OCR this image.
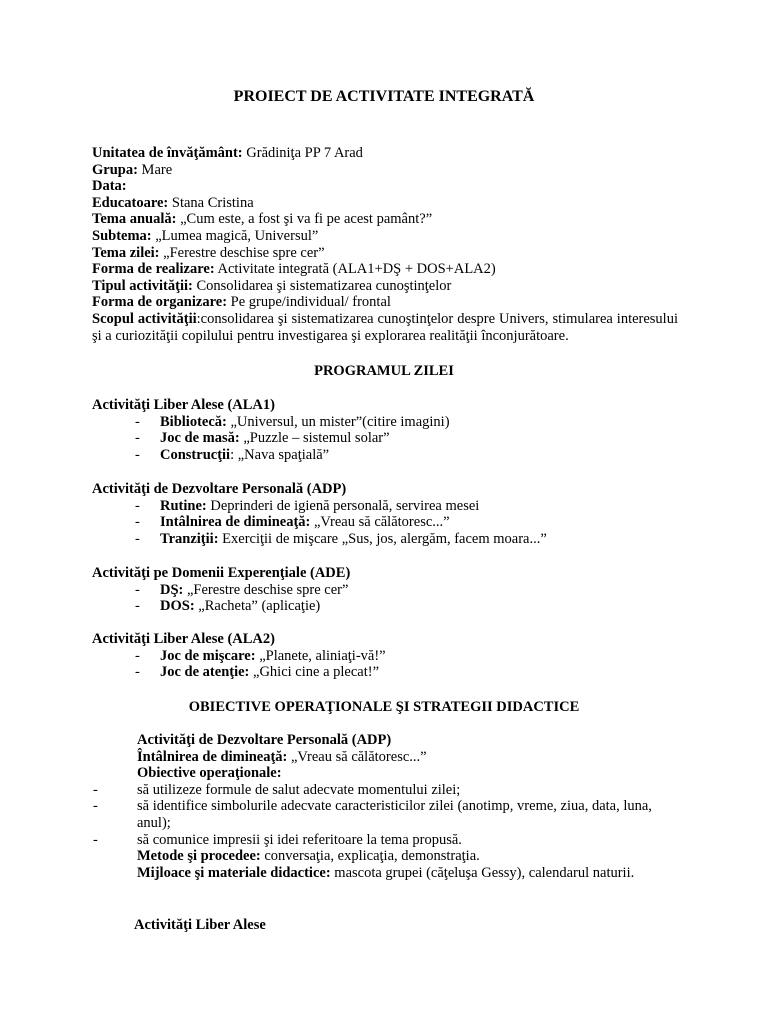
PROIECT DE ACTIVITATE INTEGRATĂ
Unitatea de învăţământ: Grădiniţa PP 7 Arad
Grupa: Mare
Data:
Educatoare: Stana Cristina
Tema anuală: „Cum este, a fost şi va fi pe acest pamânt?”
Subtema: „Lumea magică, Universul”
Tema zilei: „Ferestre deschise spre cer”
Forma de realizare: Activitate integrată (ALA1+DŞ + DOS+ALA2)
Tipul activităţii: Consolidarea şi sistematizarea cunoştinţelor
Forma de organizare: Pe grupe/individual/ frontal
Scopul activităţii:consolidarea şi sistematizarea cunoştinţelor despre Univers, stimularea interesului şi a curiozităţii copilului pentru investigarea şi explorarea realităţii înconjurătoare.
PROGRAMUL ZILEI
Activităţi Liber Alese (ALA1)
- Bibliotecă: „Universul, un mister”(citire imagini)
- Joc de masă: „Puzzle – sistemul solar”
- Construcţii: „Nava spaţială”
Activităţi de Dezvoltare Personală (ADP)
- Rutine: Deprinderi de igienă personală, servirea mesei
- Intâlnirea de dimineaţă: „Vreau să călătoresc...”
- Tranziţii: Exerciţii de mişcare „Sus, jos, alergăm, facem moara...”
Activităţi pe Domenii Experenţiale (ADE)
- DŞ: „Ferestre deschise spre cer”
- DOS: „Racheta” (aplicaţie)
Activităţi Liber Alese (ALA2)
- Joc de mişcare: „Planete, aliniaţi-vă!”
- Joc de atenţie: „Ghici cine a plecat!”
OBIECTIVE OPERAŢIONALE ŞI STRATEGII DIDACTICE
Activităţi de Dezvoltare Personală (ADP)
Întâlnirea de dimineaţă: „Vreau să călătoresc...”
Obiective operaţionale:
-	să utilizeze formule de salut adecvate momentului zilei;
-	să identifice simbolurile adecvate caracteristicilor zilei (anotimp, vreme, ziua, data, luna, anul);
-	să comunice impresii şi idei referitoare la tema propusă.
Metode şi procedee: conversaţia, explicaţia, demonstraţia.
Mijloace şi materiale didactice: mascota grupei (căţeluşa Gessy), calendarul naturii.
Activităţi Liber Alese
